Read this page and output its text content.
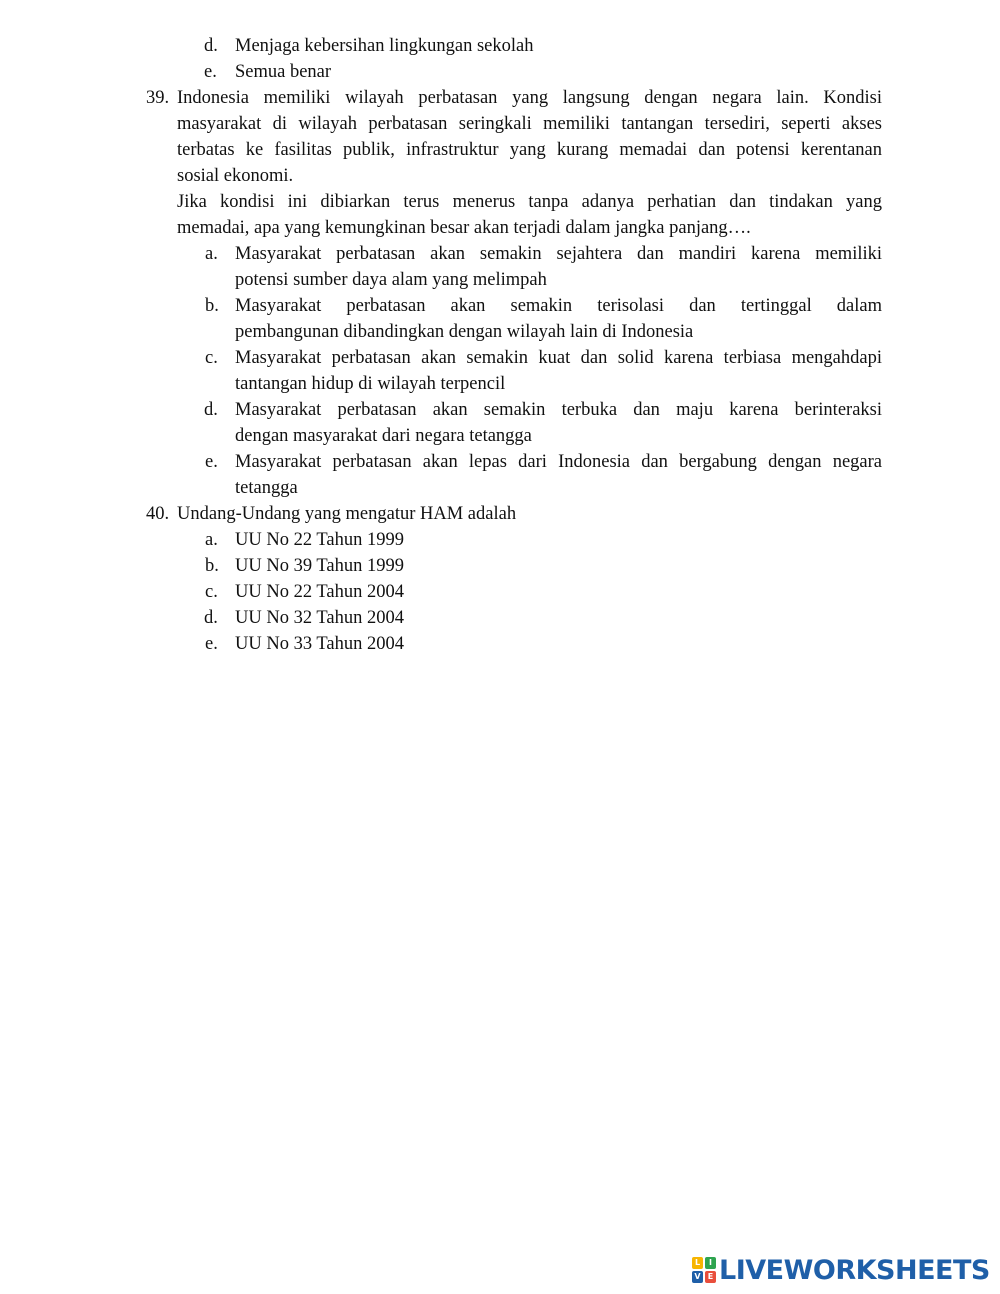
d. Menjaga kebersihan lingkungan sekolah
e. Semua benar
39. Indonesia memiliki wilayah perbatasan yang langsung dengan negara lain. Kondisi
masyarakat di wilayah perbatasan seringkali memiliki tantangan tersediri, seperti akses
terbatas ke fasilitas publik, infrastruktur yang kurang memadai dan potensi kerentanan
sosial ekonomi.
Jika kondisi ini dibiarkan terus menerus tanpa adanya perhatian dan tindakan yang
memadai, apa yang kemungkinan besar akan terjadi dalam jangka panjang….
a. Masyarakat perbatasan akan semakin sejahtera dan mandiri karena memiliki
potensi sumber daya alam yang melimpah
b. Masyarakat perbatasan akan semakin terisolasi dan tertinggal dalam
pembangunan dibandingkan dengan wilayah lain di Indonesia
c. Masyarakat perbatasan akan semakin kuat dan solid karena terbiasa mengahdapi
tantangan hidup di wilayah terpencil
d. Masyarakat perbatasan akan semakin terbuka dan maju karena berinteraksi
dengan masyarakat dari negara tetangga
e. Masyarakat perbatasan akan lepas dari Indonesia dan bergabung dengan negara
tetangga
40. Undang-Undang yang mengatur HAM adalah
a. UU No 22 Tahun 1999
b. UU No 39 Tahun 1999
c. UU No 22 Tahun 2004
d. UU No 32 Tahun 2004
e. UU No 33 Tahun 2004
L	I
V E LIVEWORKSHEETS
